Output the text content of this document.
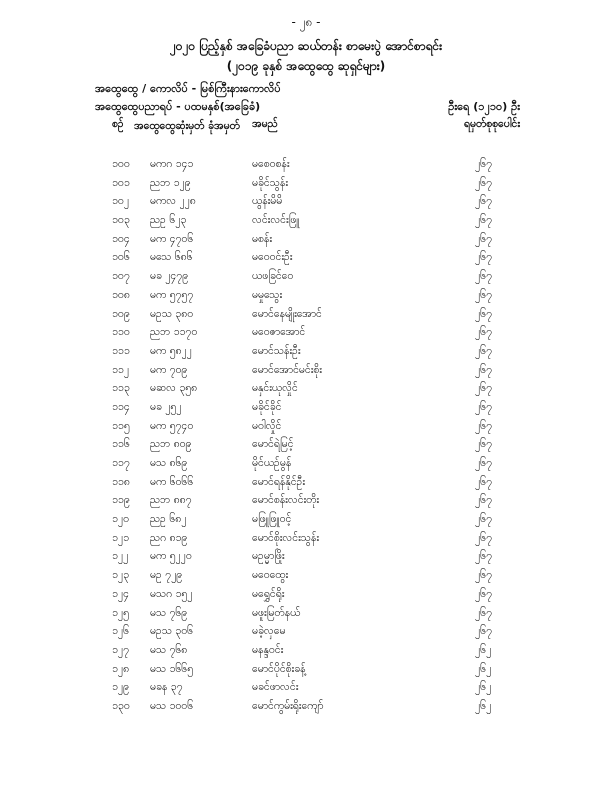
- ၂၈ -
၂၀၂၀ ပြည့်နှစ် အခြေခံပညာ ဆယ်တန်း စာမေးပွဲ အောင်စာရင်း
(၂၀၁၉ ခုနှစ် အထွေထွေ ဆုရှင်များ)
အထွေထွေ / ကောလိပ် - မြစ်ကြီးနားကောလိပ်
အထွေထွေပညာရပ် - ပထမနှစ်(အခြေခံ)	ဦးရေ (၁၂၁၀) ဦး
စဉ် အထွေထွေဆုံးမှတ် ခုံအမှတ်	အမည်	ရမှတ်စုစုပေါင်း
၁၀၀ မကဂ ၁၄၁	မစေဝစန်း	၂၆၇
၁၀၁ ညဘ ၁၂၉	မခိုင်သွန်း	၂၆၇
၁၀၂ မကလ ၂၂၈	ယွန်းမိမိ	၂၆၇
၁၀၃ ညဥ ၆၂၃	လင်းလင်းဖြူ	၂၆၇
၁၀၄ မက ၄၇၀၆	မစန်း	၂၆၇
၁၀၆ မသေ ၆၈၆	မဝေဝင်းဦး	၂၆၇
၁၀၇ မခ ၂၄၇၉	ယဖခြင်ဝေ	၂၆၇
၁၀၈ မက ၅၇၅၇	မမှုသွေး	၂၆၇
၁၀၉ မဥသ ၃၈၀	မောင်နေမျိုးအောင်	၂၆၇
၁၁၀ ညဘ ၁၁၇၀	မဝေဇာအောင်	၂၆၇
၁၁၁ မက ၅၈၂၂	မောင်သန်းဦး	၂၆၇
၁၁၂ မက ၇၀၉	မောင်အောင်မင်းစိုး	၂၆၇
၁၁၃ မဆလ ၃၅၈	မနှင်းယုလှိုင်	၂၆၇
၁၁၄ မခ ၂၅၂	မခိုင်ခိုင်	၂၆၇
၁၁၅ မက ၅၇၄၀	မဝါလှိုင်	၂၆၇
၁၁၆ ညဘ ၈၀၉	မောင်ရဲမြင့်	၂၆၇
၁၁၇ မသ ၈၆၉	မိုင်ယဉ်မွန်	၂၆၇
၁၁၈ မက ၆၀၆၆	မောင်ရန်နိုင်ဦး	၂၆၇
၁၁၉ ညဘ ၈၈၇	မောင်စန်းလင်းတိုး	၂၆၇
၁၂၀ ညဥ ၆၈၂	မဖြူဖြူဝင့်	၂၆၇
၁၂၁ ညဂ ၈၁၉	မောင်စိုးလင်းသွန်း	၂၆၇
၁၂၂ မက ၅၂၂၀	မဥမ္မာဖြိုး	၂၆၇
၁၂၃ မဥ ၇၂၉	မဝေထွေး	၂၆၇
၁၂၄ မသဂ ၁၅၂	မရွှေင်ရိုး	၂၆၇
၁၂၅ မသ ၇၆၉	မဖူးမြတ်နယ်	၂၆၇
၁၂၆ မဥသ ၃၀၆	မခဲ့လှမေ	၂၆၇
၁၂၇ မသ ၇၆၈	မနန္ဒဝင်း	၂၆၂
၁၂၈ မသ ၁၆၆၅	မောင်ပိုင်စိုးခန့်	၂၆၂
၁၂၉ မခန ၃၇	မခင်ဖာလင်း	၂၆၂
၁၃၀ မသ ၁၀၀၆	မောင်ကွမ်းရိုးကျော်	၂၆၂
